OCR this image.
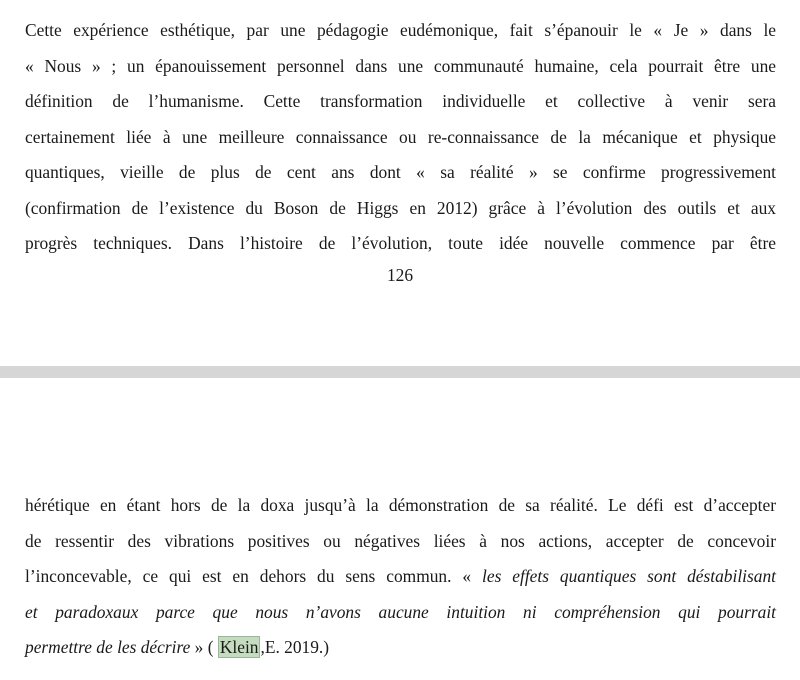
Cette expérience esthétique, par une pédagogie eudémonique, fait s’épanouir le « Je » dans le
« Nous » ; un épanouissement personnel dans une communauté humaine, cela pourrait être une
définition de l’humanisme. Cette transformation individuelle et collective à venir sera
certainement liée à une meilleure connaissance ou re-connaissance de la mécanique et physique
quantiques, vieille de plus de cent ans dont « sa réalité » se confirme progressivement
(confirmation de l’existence du Boson de Higgs en 2012) grâce à l’évolution des outils et aux
progrès techniques. Dans l’histoire de l’évolution, toute idée nouvelle commence par être

126

hérétique en étant hors de la doxa jusqu’à la démonstration de sa réalité. Le défi est d’accepter
de ressentir des vibrations positives ou négatives liées à nos actions, accepter de concevoir
l’inconcevable, ce qui est en dehors du sens commun. « les effets quantiques sont déstabilisant
et paradoxaux parce que nous n’avons aucune intuition ni compréhension qui pourrait
permettre de les décrire » ( Klein ,E. 2019.)
